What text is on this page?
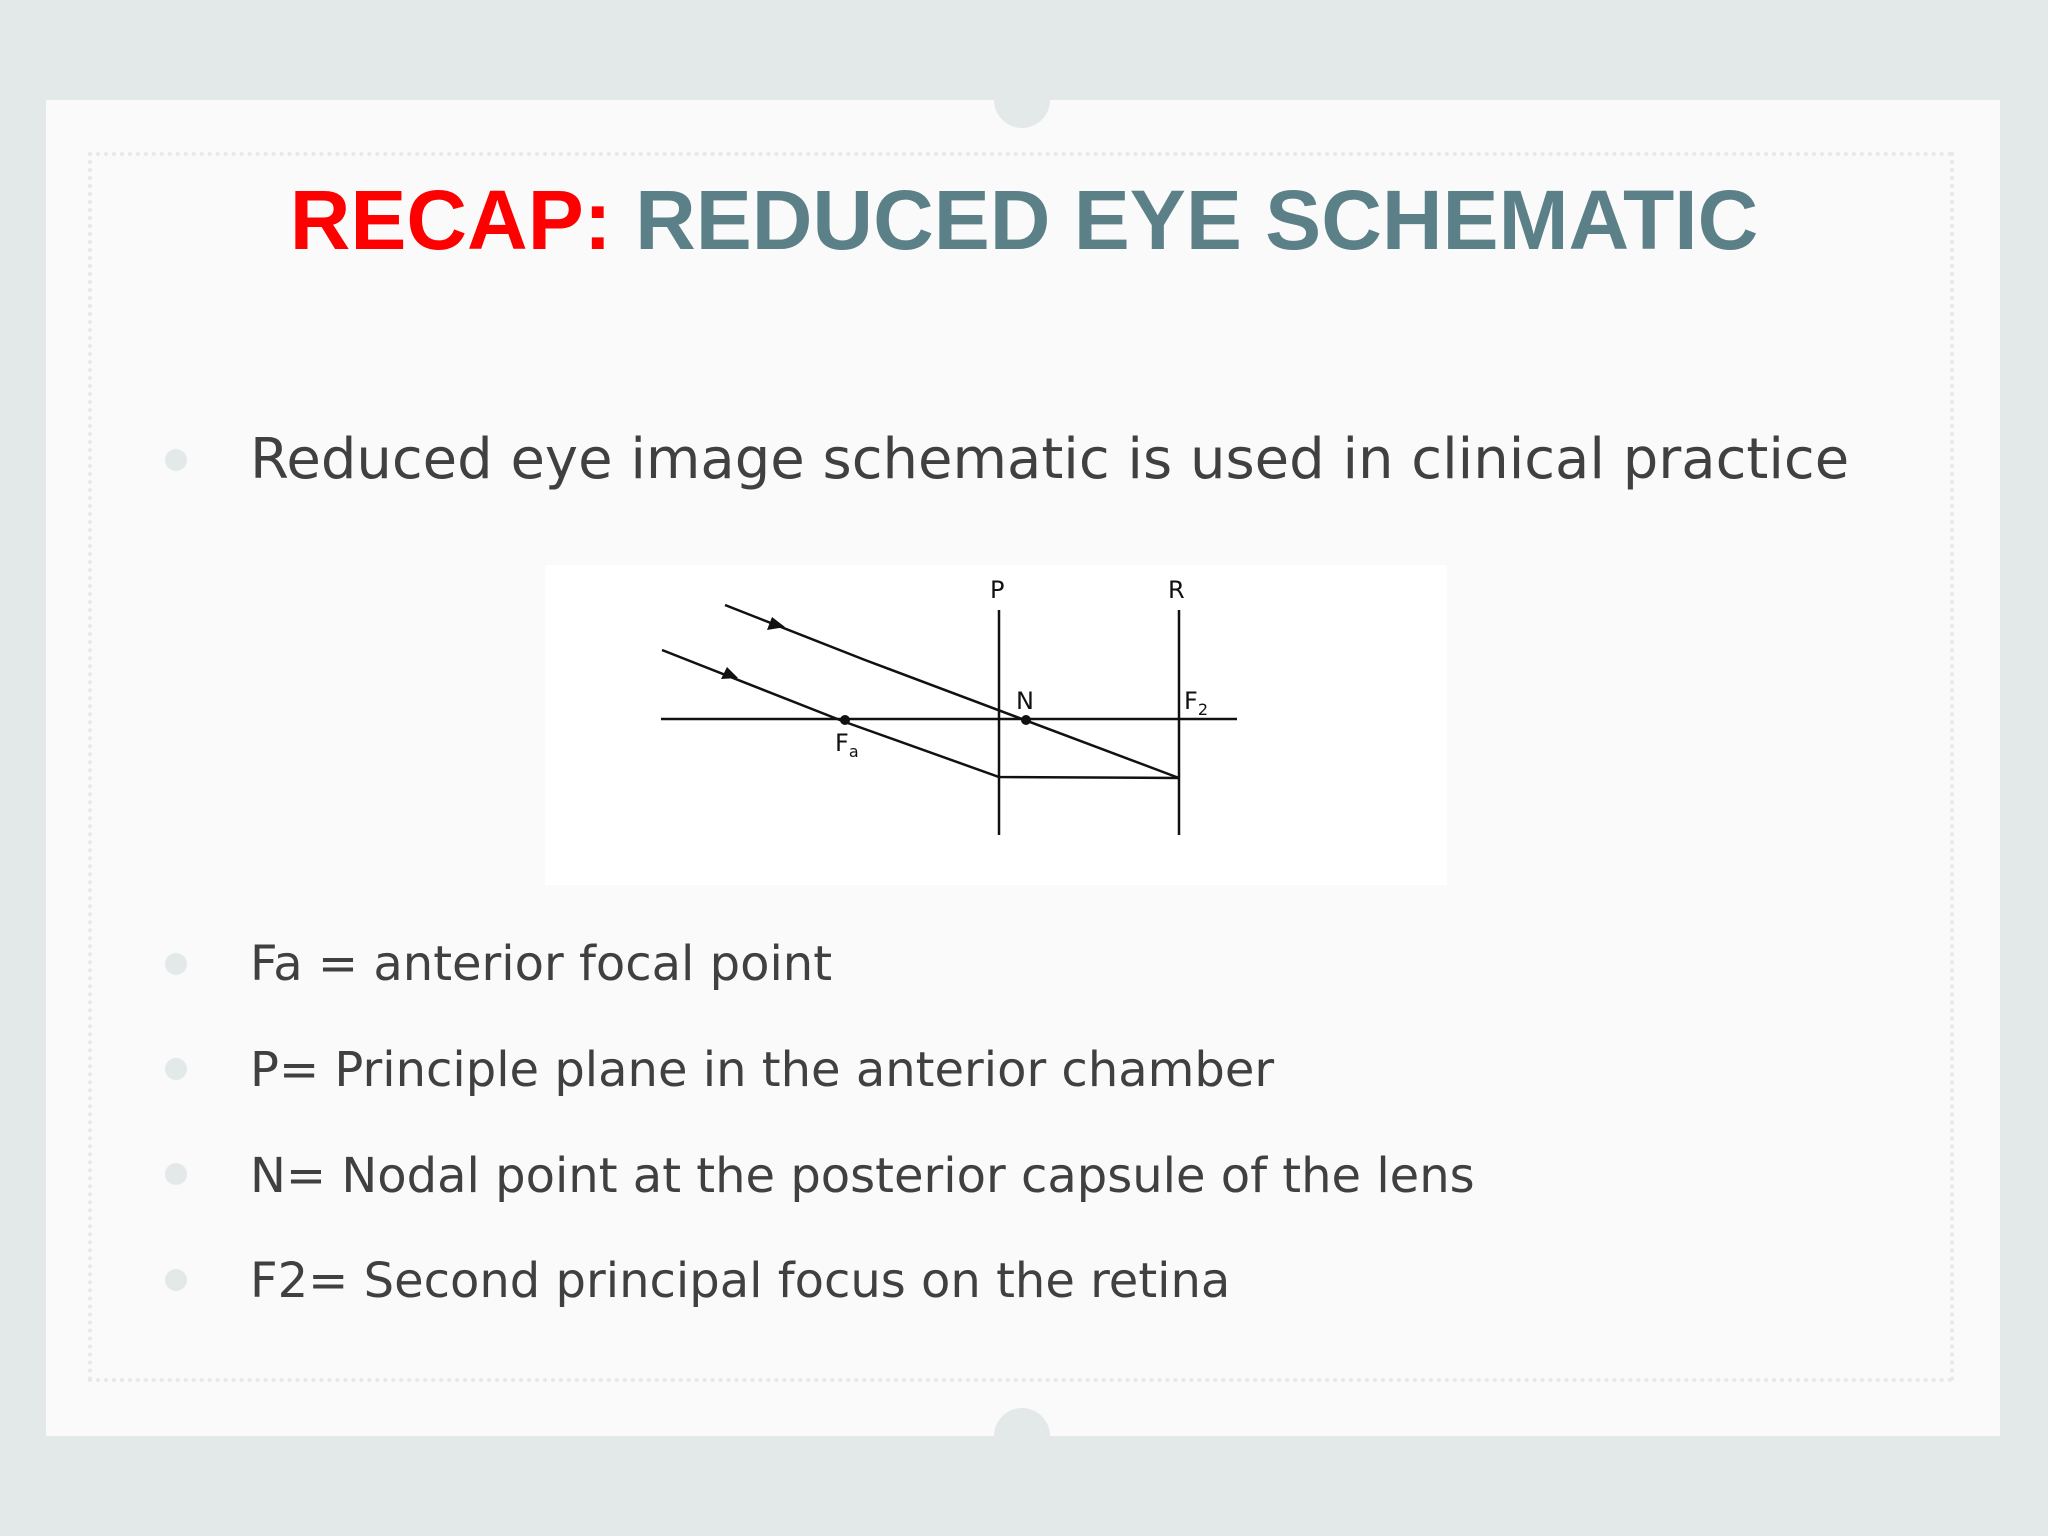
RECAP: REDUCED EYE SCHEMATIC
Reduced eye image schematic is used in clinical practice
P	R
N	$F_2$
$F_a$
Fa = anterior focal point
P= Principle plane in the anterior chamber
N= Nodal point at the posterior capsule of the lens
F2= Second principal focus on the retina
